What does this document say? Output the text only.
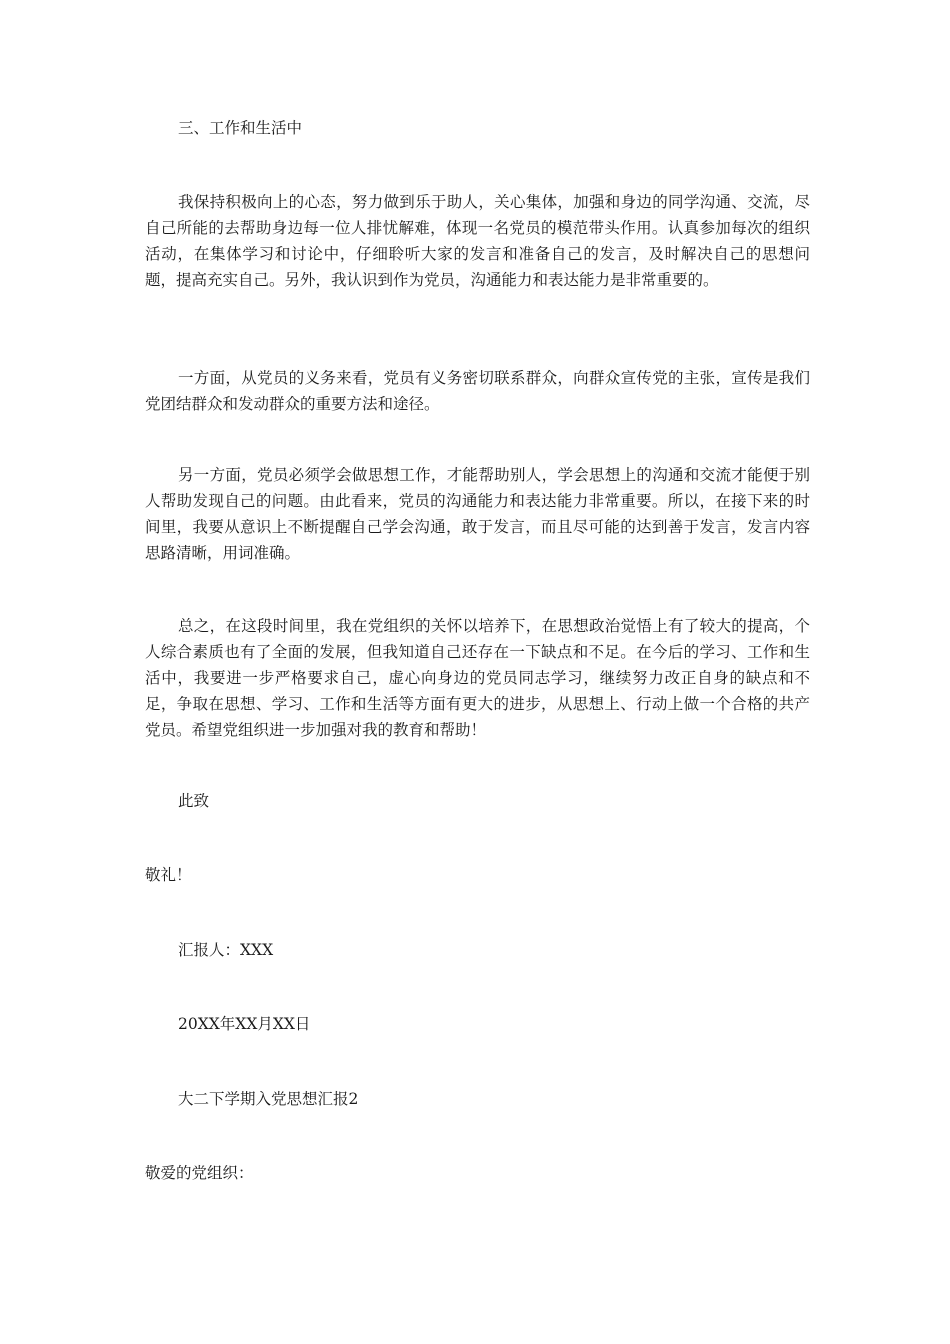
三、工作和生活中

我保持积极向上的心态，努力做到乐于助人，关心集体，加强和身边的同学沟通、交流，尽自己所能的去帮助身边每一位人排忧解难，体现一名党员的模范带头作用。认真参加每次的组织活动，在集体学习和讨论中，仔细聆听大家的发言和准备自己的发言，及时解决自己的思想问题，提高充实自己。另外，我认识到作为党员，沟通能力和表达能力是非常重要的。

一方面，从党员的义务来看，党员有义务密切联系群众，向群众宣传党的主张，宣传是我们党团结群众和发动群众的重要方法和途径。

另一方面，党员必须学会做思想工作，才能帮助别人，学会思想上的沟通和交流才能便于别人帮助发现自己的问题。由此看来，党员的沟通能力和表达能力非常重要。所以，在接下来的时间里，我要从意识上不断提醒自己学会沟通，敢于发言，而且尽可能的达到善于发言，发言内容思路清晰，用词准确。

总之，在这段时间里，我在党组织的关怀以培养下，在思想政治觉悟上有了较大的提高，个人综合素质也有了全面的发展，但我知道自己还存在一下缺点和不足。在今后的学习、工作和生活中，我要进一步严格要求自己，虚心向身边的党员同志学习，继续努力改正自身的缺点和不足，争取在思想、学习、工作和生活等方面有更大的进步，从思想上、行动上做一个合格的共产党员。希望党组织进一步加强对我的教育和帮助！

此致

敬礼！

汇报人：XXX

20XX年XX月XX日

大二下学期入党思想汇报2

敬爱的党组织：
